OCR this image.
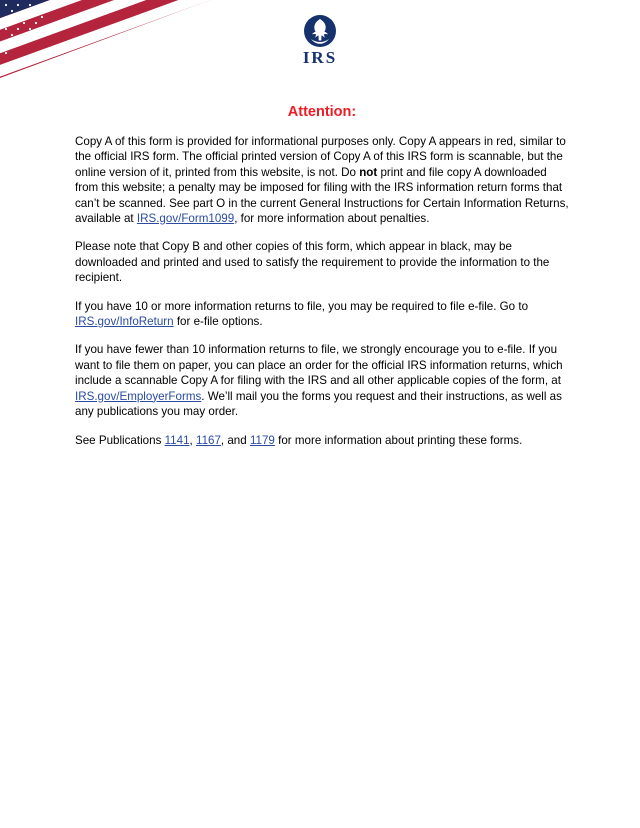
IRS
Attention:

Copy A of this form is provided for informational purposes only. Copy A appears in red, similar to the official IRS form. The official printed version of Copy A of this IRS form is scannable, but the online version of it, printed from this website, is not. Do not print and file copy A downloaded from this website; a penalty may be imposed for filing with the IRS information return forms that can’t be scanned. See part O in the current General Instructions for Certain Information Returns, available at IRS.gov/Form1099, for more information about penalties.

Please note that Copy B and other copies of this form, which appear in black, may be downloaded and printed and used to satisfy the requirement to provide the information to the recipient.

If you have 10 or more information returns to file, you may be required to file e-file. Go to IRS.gov/InfoReturn for e-file options.

If you have fewer than 10 information returns to file, we strongly encourage you to e-file. If you want to file them on paper, you can place an order for the official IRS information returns, which include a scannable Copy A for filing with the IRS and all other applicable copies of the form, at IRS.gov/EmployerForms. We’ll mail you the forms you request and their instructions, as well as any publications you may order.

See Publications 1141, 1167, and 1179 for more information about printing these forms.
